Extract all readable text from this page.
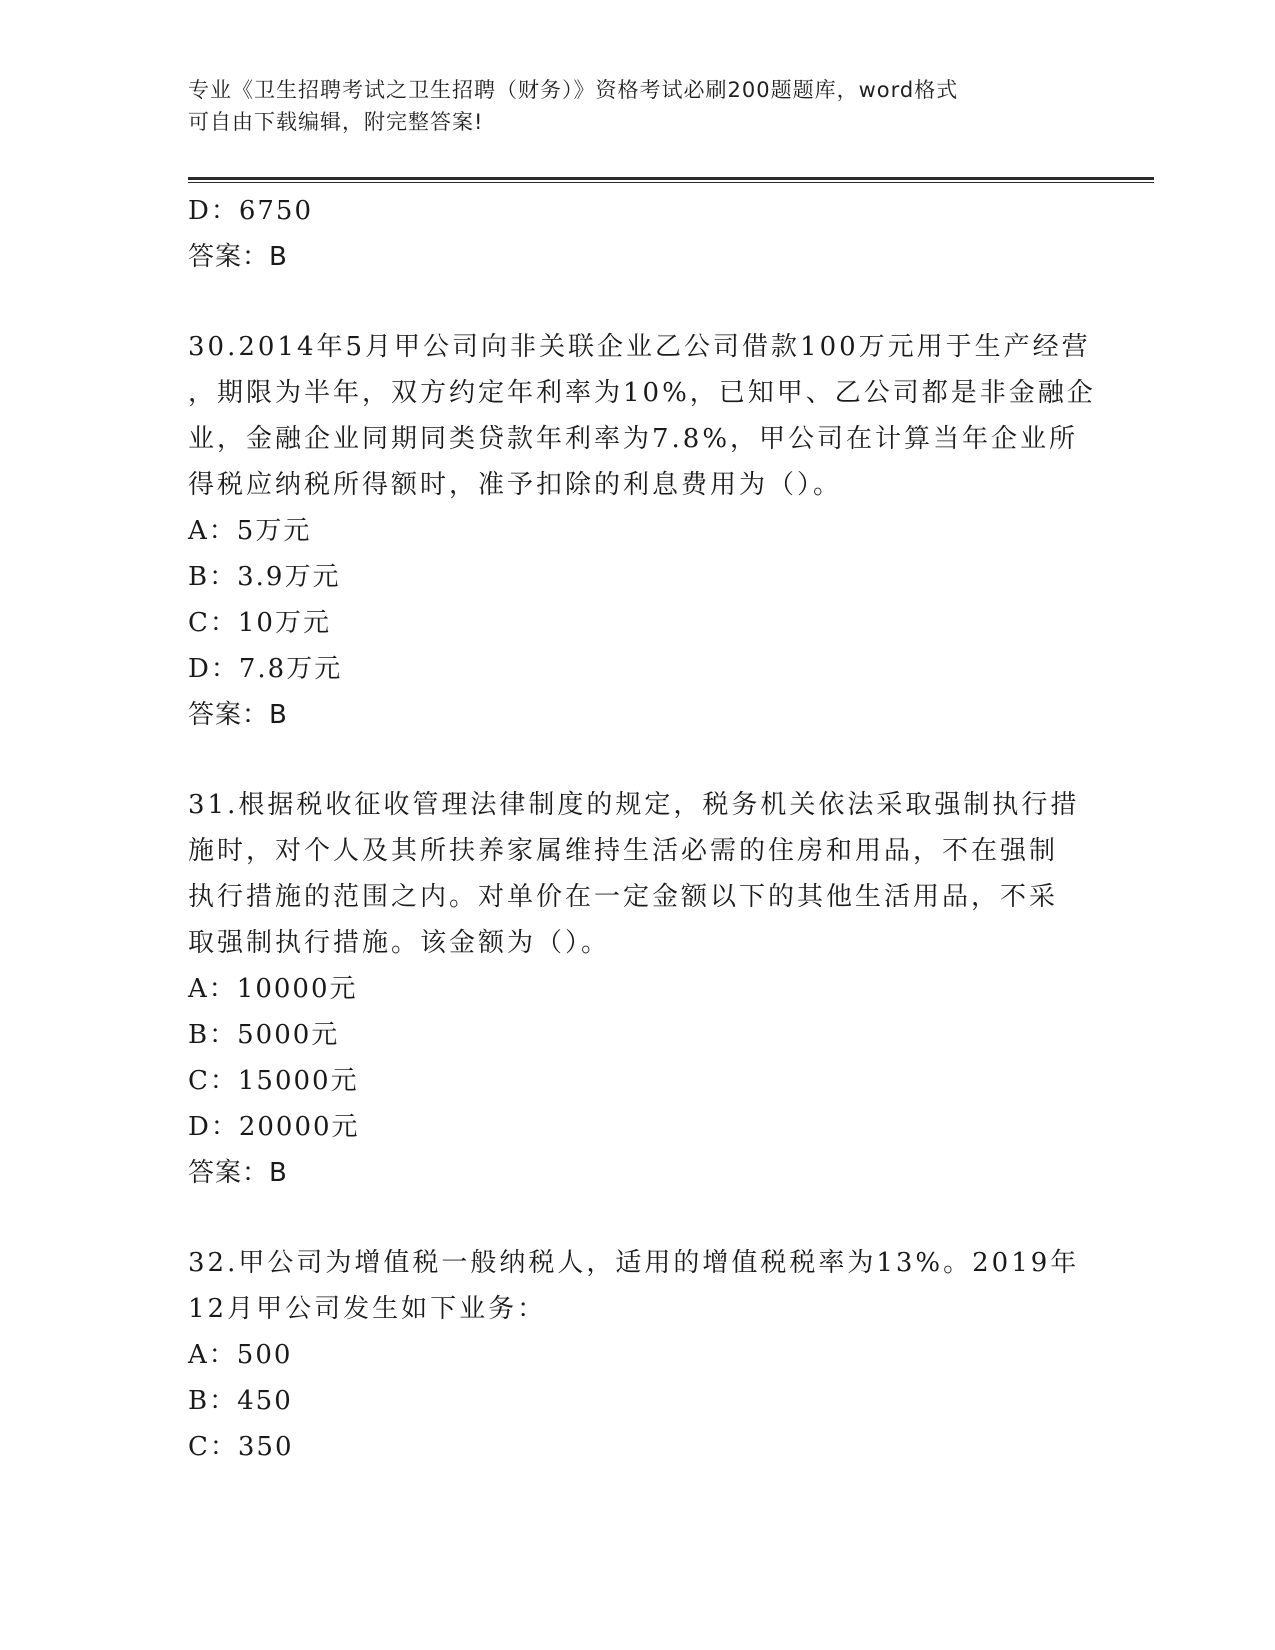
专业《卫生招聘考试之卫生招聘（财务）》资格考试必刷200题题库，word格式
可自由下载编辑，附完整答案!
D：6750
答案：B
30.2014年5月甲公司向非关联企业乙公司借款100万元用于生产经营
，期限为半年，双方约定年利率为10%，已知甲、乙公司都是非金融企
业，金融企业同期同类贷款年利率为7.8%，甲公司在计算当年企业所
得税应纳税所得额时，准予扣除的利息费用为（）。
A：5万元
B：3.9万元
C：10万元
D：7.8万元
答案：B
31.根据税收征收管理法律制度的规定，税务机关依法采取强制执行措
施时，对个人及其所扶养家属维持生活必需的住房和用品，不在强制
执行措施的范围之内。对单价在一定金额以下的其他生活用品，不采
取强制执行措施。该金额为（）。
A：10000元
B：5000元
C：15000元
D：20000元
答案：B
32.甲公司为增值税一般纳税人，适用的增值税税率为13%。2019年
12月甲公司发生如下业务：
A：500
B：450
C：350
